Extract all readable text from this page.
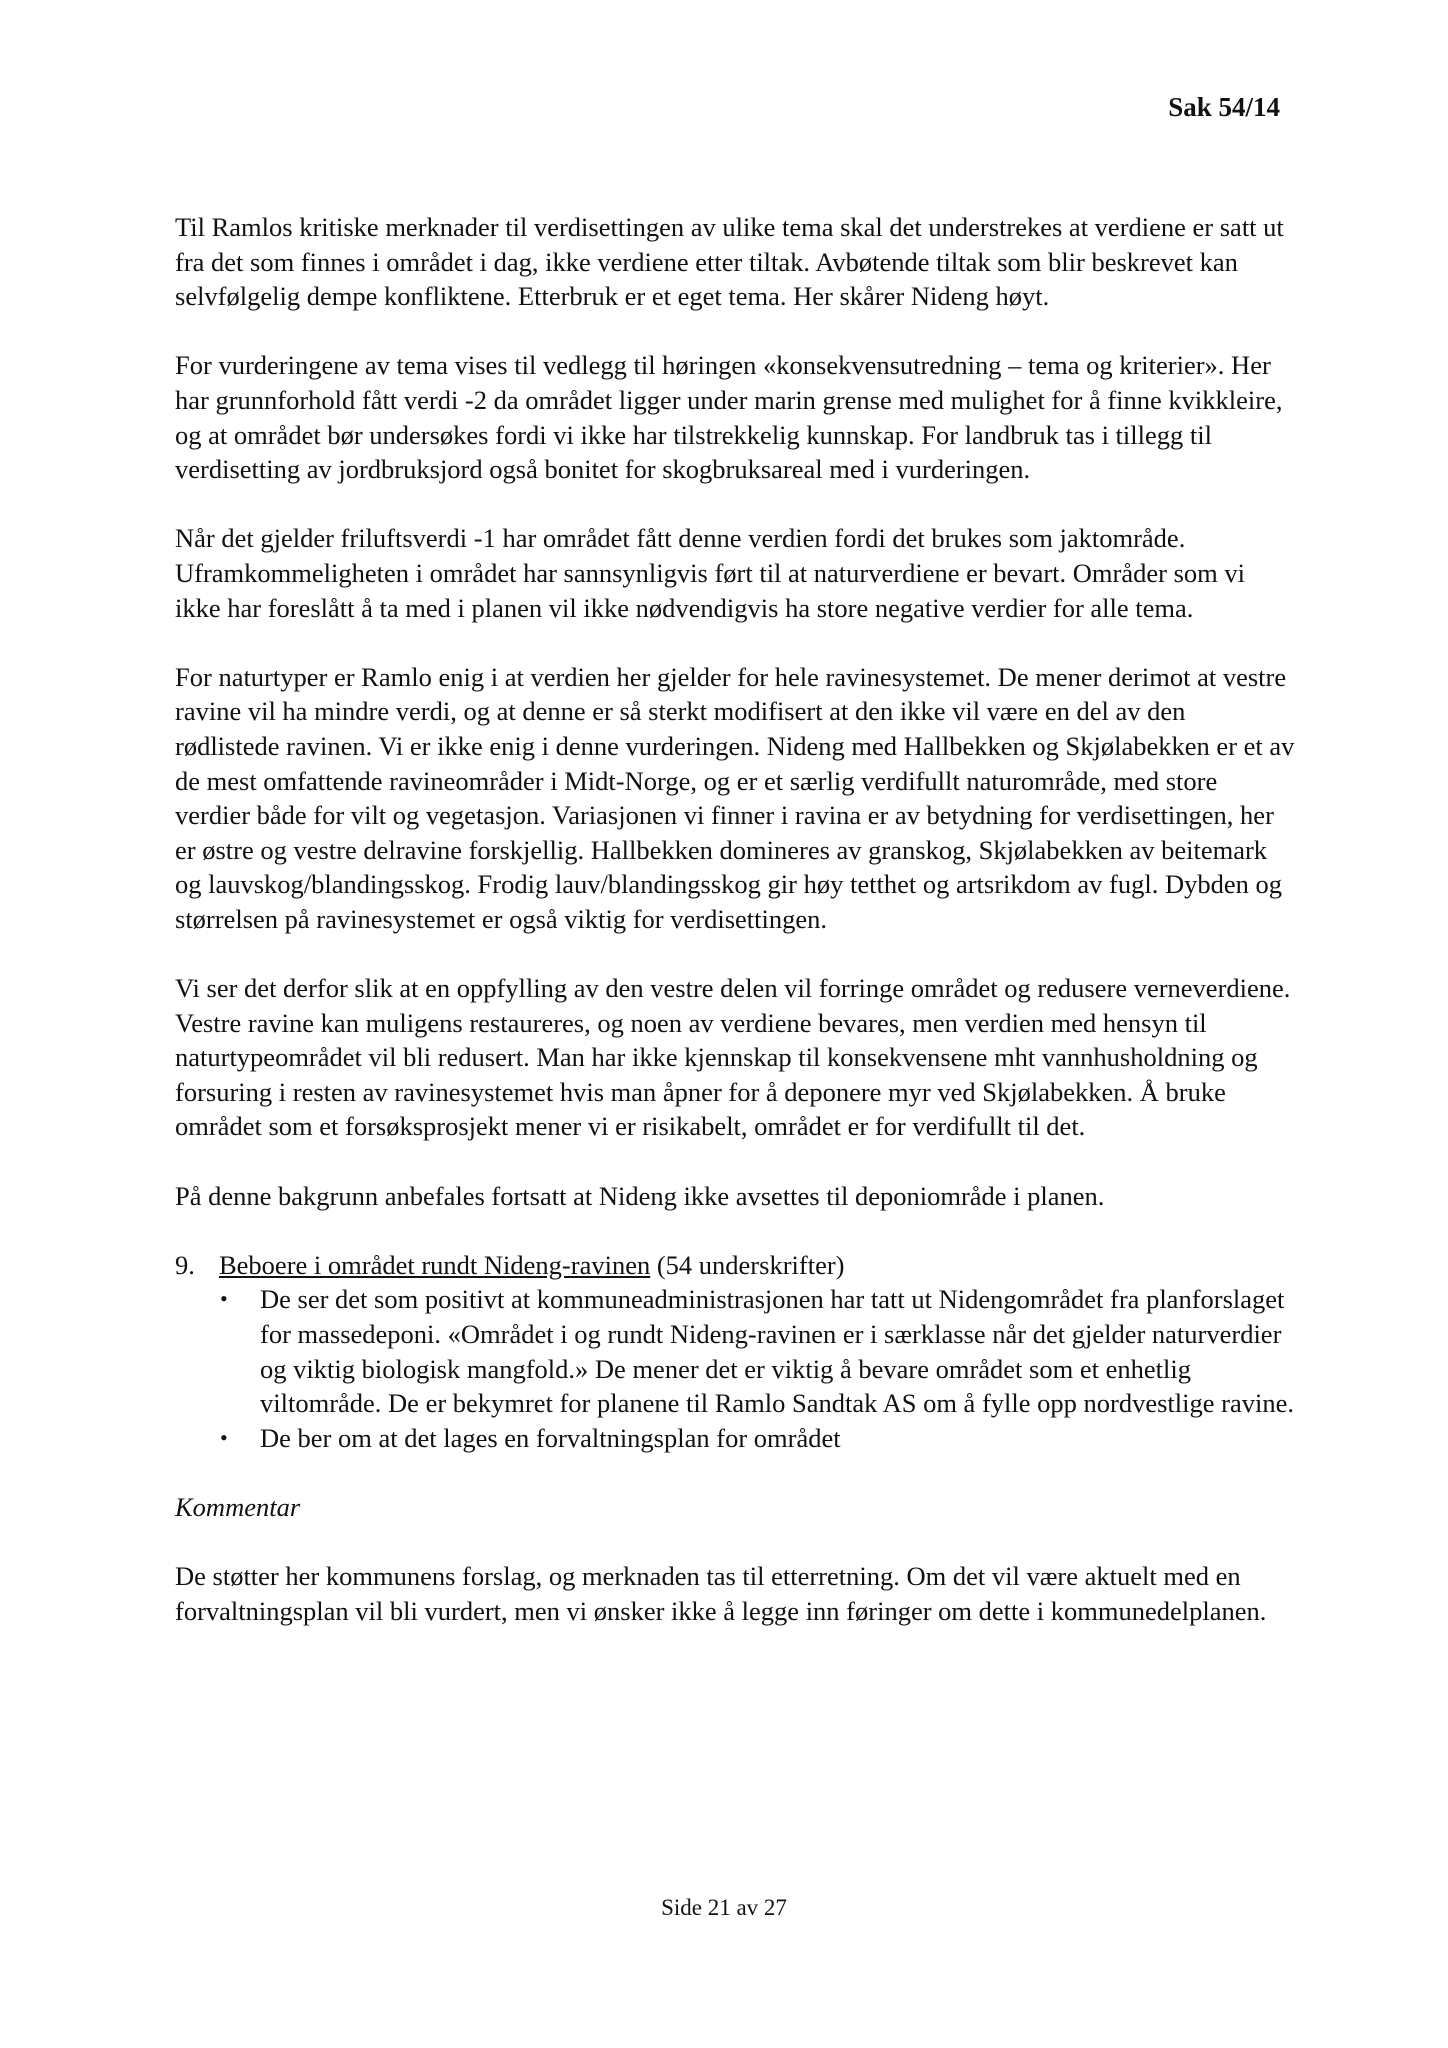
Sak 54/14

Til Ramlos kritiske merknader til verdisettingen av ulike tema skal det understrekes at verdiene er satt ut fra det som finnes i området i dag, ikke verdiene etter tiltak. Avbøtende tiltak som blir beskrevet kan selvfølgelig dempe konfliktene. Etterbruk er et eget tema. Her skårer Nideng høyt.

For vurderingene av tema vises til vedlegg til høringen «konsekvensutredning – tema og kriterier». Her har grunnforhold fått verdi -2 da området ligger under marin grense med mulighet for å finne kvikkleire, og at området bør undersøkes fordi vi ikke har tilstrekkelig kunnskap. For landbruk tas i tillegg til verdisetting av jordbruksjord også bonitet for skogbruksareal med i vurderingen.

Når det gjelder friluftsverdi -1 har området fått denne verdien fordi det brukes som jaktområde. Uframkommeligheten i området har sannsynligvis ført til at naturverdiene er bevart. Områder som vi ikke har foreslått å ta med i planen vil ikke nødvendigvis ha store negative verdier for alle tema.

For naturtyper er Ramlo enig i at verdien her gjelder for hele ravinesystemet. De mener derimot at vestre ravine vil ha mindre verdi, og at denne er så sterkt modifisert at den ikke vil være en del av den rødlistede ravinen. Vi er ikke enig i denne vurderingen. Nideng med Hallbekken og Skjølabekken er et av de mest omfattende ravineområder i Midt-Norge, og er et særlig verdifullt naturområde, med store verdier både for vilt og vegetasjon. Variasjonen vi finner i ravina er av betydning for verdisettingen, her er østre og vestre delravine forskjellig. Hallbekken domineres av granskog, Skjølabekken av beitemark og lauvskog/blandingsskog. Frodig lauv/blandingsskog gir høy tetthet og artsrikdom av fugl. Dybden og størrelsen på ravinesystemet er også viktig for verdisettingen.

Vi ser det derfor slik at en oppfylling av den vestre delen vil forringe området og redusere verneverdiene. Vestre ravine kan muligens restaureres, og noen av verdiene bevares, men verdien med hensyn til naturtypeområdet vil bli redusert. Man har ikke kjennskap til konsekvensene mht vannhusholdning og forsuring i resten av ravinesystemet hvis man åpner for å deponere myr ved Skjølabekken. Å bruke området som et forsøksprosjekt mener vi er risikabelt, området er for verdifullt til det.

På denne bakgrunn anbefales fortsatt at Nideng ikke avsettes til deponiområde i planen.

9. Beboere i området rundt Nideng-ravinen (54 underskrifter)
• De ser det som positivt at kommuneadministrasjonen har tatt ut Nidengområdet fra planforslaget for massedeponi. «Området i og rundt Nideng-ravinen er i særklasse når det gjelder naturverdier og viktig biologisk mangfold.» De mener det er viktig å bevare området som et enhetlig viltområde. De er bekymret for planene til Ramlo Sandtak AS om å fylle opp nordvestlige ravine.
• De ber om at det lages en forvaltningsplan for området

Kommentar

De støtter her kommunens forslag, og merknaden tas til etterretning. Om det vil være aktuelt med en forvaltningsplan vil bli vurdert, men vi ønsker ikke å legge inn føringer om dette i kommunedelplanen.

Side 21 av 27
